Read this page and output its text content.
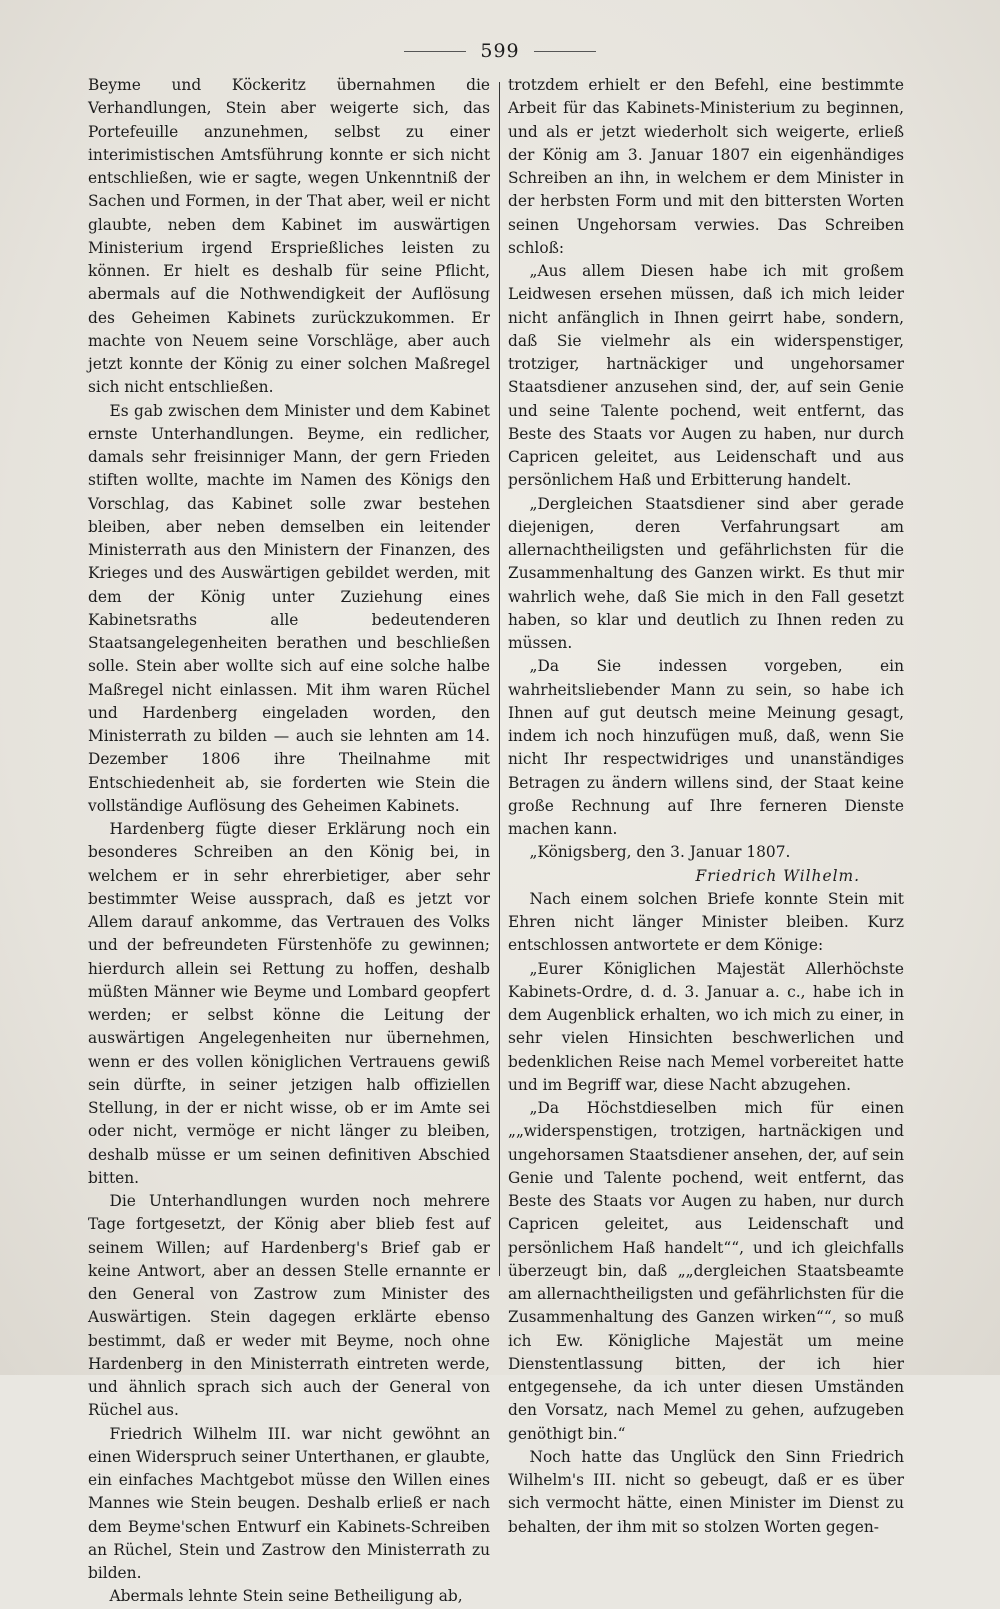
599

Beyme und Köckeritz übernahmen die Verhandlungen, Stein aber weigerte sich, das Portefeuille anzunehmen, selbst zu einer interimistischen Amtsführung konnte er sich nicht entschließen, wie er sagte, wegen Unkenntniß der Sachen und Formen, in der That aber, weil er nicht glaubte, neben dem Kabinet im auswärtigen Ministerium irgend Ersprießliches leisten zu können. Er hielt es deshalb für seine Pflicht, abermals auf die Nothwendigkeit der Auflösung des Geheimen Kabinets zurückzukommen. Er machte von Neuem seine Vorschläge, aber auch jetzt konnte der König zu einer solchen Maßregel sich nicht entschließen.

Es gab zwischen dem Minister und dem Kabinet ernste Unterhandlungen. Beyme, ein redlicher, damals sehr freisinniger Mann, der gern Frieden stiften wollte, machte im Namen des Königs den Vorschlag, das Kabinet solle zwar bestehen bleiben, aber neben demselben ein leitender Ministerrath aus den Ministern der Finanzen, des Krieges und des Auswärtigen gebildet werden, mit dem der König unter Zuziehung eines Kabinetsraths alle bedeutenderen Staatsangelegenheiten berathen und beschließen solle. Stein aber wollte sich auf eine solche halbe Maßregel nicht einlassen. Mit ihm waren Rüchel und Hardenberg eingeladen worden, den Ministerrath zu bilden — auch sie lehnten am 14. Dezember 1806 ihre Theilnahme mit Entschiedenheit ab, sie forderten wie Stein die vollständige Auflösung des Geheimen Kabinets.

Hardenberg fügte dieser Erklärung noch ein besonderes Schreiben an den König bei, in welchem er in sehr ehrerbietiger, aber sehr bestimmter Weise aussprach, daß es jetzt vor Allem darauf ankomme, das Vertrauen des Volks und der befreundeten Fürstenhöfe zu gewinnen; hierdurch allein sei Rettung zu hoffen, deshalb müßten Männer wie Beyme und Lombard geopfert werden; er selbst könne die Leitung der auswärtigen Angelegenheiten nur übernehmen, wenn er des vollen königlichen Vertrauens gewiß sein dürfte, in seiner jetzigen halb offiziellen Stellung, in der er nicht wisse, ob er im Amte sei oder nicht, vermöge er nicht länger zu bleiben, deshalb müsse er um seinen definitiven Abschied bitten.

Die Unterhandlungen wurden noch mehrere Tage fortgesetzt, der König aber blieb fest auf seinem Willen; auf Hardenberg's Brief gab er keine Antwort, aber an dessen Stelle ernannte er den General von Zastrow zum Minister des Auswärtigen. Stein dagegen erklärte ebenso bestimmt, daß er weder mit Beyme, noch ohne Hardenberg in den Ministerrath eintreten werde, und ähnlich sprach sich auch der General von Rüchel aus.

Friedrich Wilhelm III. war nicht gewöhnt an einen Widerspruch seiner Unterthanen, er glaubte, ein einfaches Machtgebot müsse den Willen eines Mannes wie Stein beugen. Deshalb erließ er nach dem Beyme'schen Entwurf ein Kabinets-Schreiben an Rüchel, Stein und Zastrow den Ministerrath zu bilden.

Abermals lehnte Stein seine Betheiligung ab,

trotzdem erhielt er den Befehl, eine bestimmte Arbeit für das Kabinets-Ministerium zu beginnen, und als er jetzt wiederholt sich weigerte, erließ der König am 3. Januar 1807 ein eigenhändiges Schreiben an ihn, in welchem er dem Minister in der herbsten Form und mit den bittersten Worten seinen Ungehorsam verwies. Das Schreiben schloß:

„Aus allem Diesen habe ich mit großem Leidwesen ersehen müssen, daß ich mich leider nicht anfänglich in Ihnen geirrt habe, sondern, daß Sie vielmehr als ein widerspenstiger, trotziger, hartnäckiger und ungehorsamer Staatsdiener anzusehen sind, der, auf sein Genie und seine Talente pochend, weit entfernt, das Beste des Staats vor Augen zu haben, nur durch Capricen geleitet, aus Leidenschaft und aus persönlichem Haß und Erbitterung handelt.

„Dergleichen Staatsdiener sind aber gerade diejenigen, deren Verfahrungsart am allernachtheiligsten und gefährlichsten für die Zusammenhaltung des Ganzen wirkt. Es thut mir wahrlich wehe, daß Sie mich in den Fall gesetzt haben, so klar und deutlich zu Ihnen reden zu müssen.

„Da Sie indessen vorgeben, ein wahrheitsliebender Mann zu sein, so habe ich Ihnen auf gut deutsch meine Meinung gesagt, indem ich noch hinzufügen muß, daß, wenn Sie nicht Ihr respectwidriges und unanständiges Betragen zu ändern willens sind, der Staat keine große Rechnung auf Ihre ferneren Dienste machen kann.

„Königsberg, den 3. Januar 1807.

Friedrich Wilhelm.

Nach einem solchen Briefe konnte Stein mit Ehren nicht länger Minister bleiben. Kurz entschlossen antwortete er dem Könige:

„Eurer Königlichen Majestät Allerhöchste Kabinets-Ordre, d. d. 3. Januar a. c., habe ich in dem Augenblick erhalten, wo ich mich zu einer, in sehr vielen Hinsichten beschwerlichen und bedenklichen Reise nach Memel vorbereitet hatte und im Begriff war, diese Nacht abzugehen.

„Da Höchstdieselben mich für einen „„widerspenstigen, trotzigen, hartnäckigen und ungehorsamen Staatsdiener ansehen, der, auf sein Genie und Talente pochend, weit entfernt, das Beste des Staats vor Augen zu haben, nur durch Capricen geleitet, aus Leidenschaft und persönlichem Haß handelt““, und ich gleichfalls überzeugt bin, daß „„dergleichen Staatsbeamte am allernachtheiligsten und gefährlichsten für die Zusammenhaltung des Ganzen wirken““, so muß ich Ew. Königliche Majestät um meine Dienstentlassung bitten, der ich hier entgegensehe, da ich unter diesen Umständen den Vorsatz, nach Memel zu gehen, aufzugeben genöthigt bin.“

Noch hatte das Unglück den Sinn Friedrich Wilhelm's III. nicht so gebeugt, daß er es über sich vermocht hätte, einen Minister im Dienst zu behalten, der ihm mit so stolzen Worten gegen-
